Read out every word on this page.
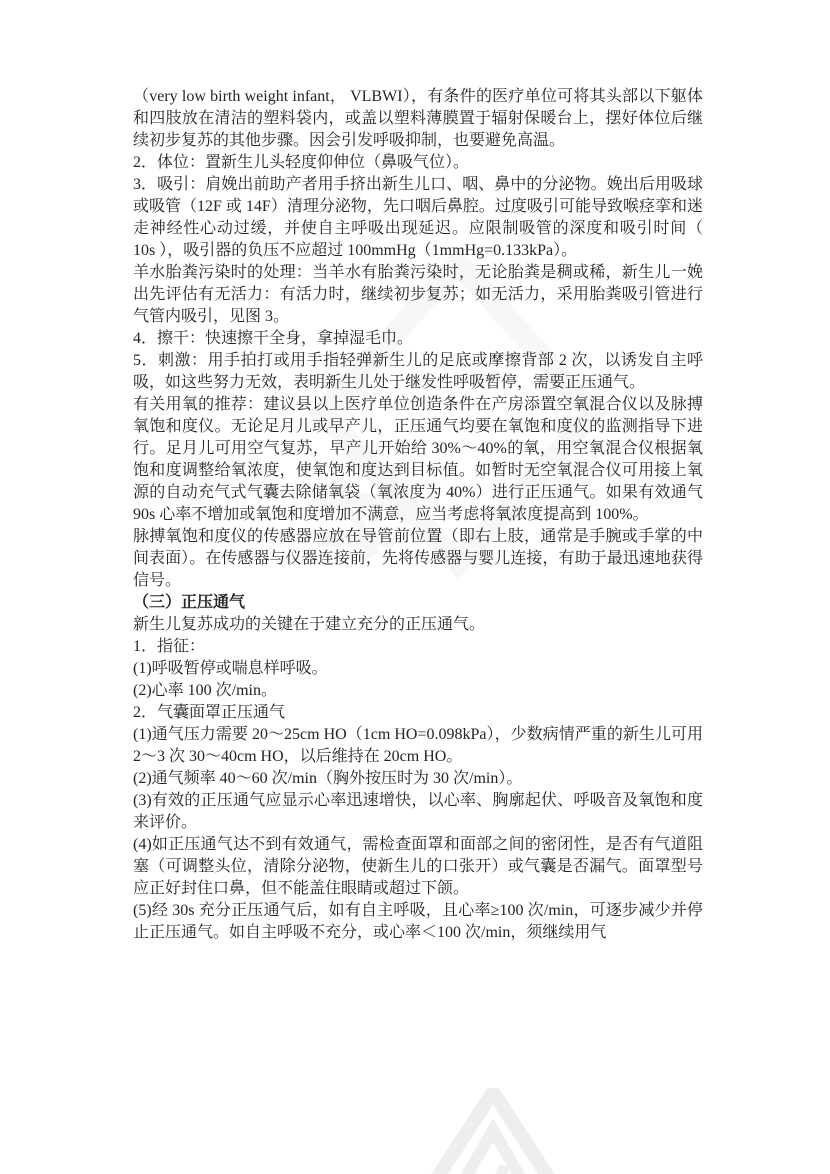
（very low birth weight infant， VLBWI），有条件的医疗单位可将其头部以下躯体和四肢放在清洁的塑料袋内，或盖以塑料薄膜置于辐射保暖台上，摆好体位后继续初步复苏的其他步骤。因会引发呼吸抑制，也要避免高温。
2．体位：置新生儿头轻度仰伸位（鼻吸气位）。
3．吸引：肩娩出前助产者用手挤出新生儿口、咽、鼻中的分泌物。娩出后用吸球或吸管（12F 或 14F）清理分泌物，先口咽后鼻腔。过度吸引可能导致喉痉挛和迷走神经性心动过缓，并使自主呼吸出现延迟。应限制吸管的深度和吸引时间（ 10s ），吸引器的负压不应超过 100mmHg（1mmHg=0.133kPa）。
羊水胎粪污染时的处理：当羊水有胎粪污染时，无论胎粪是稠或稀，新生儿一娩出先评估有无活力：有活力时，继续初步复苏；如无活力，采用胎粪吸引管进行气管内吸引，见图 3。
4．擦干：快速擦干全身，拿掉湿毛巾。
5．刺激：用手拍打或用手指轻弹新生儿的足底或摩擦背部 2 次，以诱发自主呼吸，如这些努力无效，表明新生儿处于继发性呼吸暂停，需要正压通气。
有关用氧的推荐：建议县以上医疗单位创造条件在产房添置空氧混合仪以及脉搏氧饱和度仪。无论足月儿或早产儿，正压通气均要在氧饱和度仪的监测指导下进行。足月儿可用空气复苏，早产儿开始给 30%～40%的氧，用空氧混合仪根据氧饱和度调整给氧浓度，使氧饱和度达到目标值。如暂时无空氧混合仪可用接上氧源的自动充气式气囊去除储氧袋（氧浓度为 40%）进行正压通气。如果有效通气 90s 心率不增加或氧饱和度增加不满意，应当考虑将氧浓度提高到 100%。
脉搏氧饱和度仪的传感器应放在导管前位置（即右上肢，通常是手腕或手掌的中间表面）。在传感器与仪器连接前，先将传感器与婴儿连接，有助于最迅速地获得信号。
（三）正压通气
新生儿复苏成功的关键在于建立充分的正压通气。
1．指征：
(1)呼吸暂停或喘息样呼吸。
(2)心率 100 次/min。
2．气囊面罩正压通气
(1)通气压力需要 20～25cm HO（1cm HO=0.098kPa），少数病情严重的新生儿可用 2～3 次 30～40cm HO，以后维持在 20cm HO。
(2)通气频率 40～60 次/min（胸外按压时为 30 次/min）。
(3)有效的正压通气应显示心率迅速增快，以心率、胸廓起伏、呼吸音及氧饱和度来评价。
(4)如正压通气达不到有效通气，需检查面罩和面部之间的密闭性，是否有气道阻塞（可调整头位，清除分泌物，使新生儿的口张开）或气囊是否漏气。面罩型号应正好封住口鼻，但不能盖住眼睛或超过下颌。
(5)经 30s 充分正压通气后，如有自主呼吸，且心率≥100 次/min，可逐步减少并停止正压通气。如自主呼吸不充分，或心率＜100 次/min，须继续用气
